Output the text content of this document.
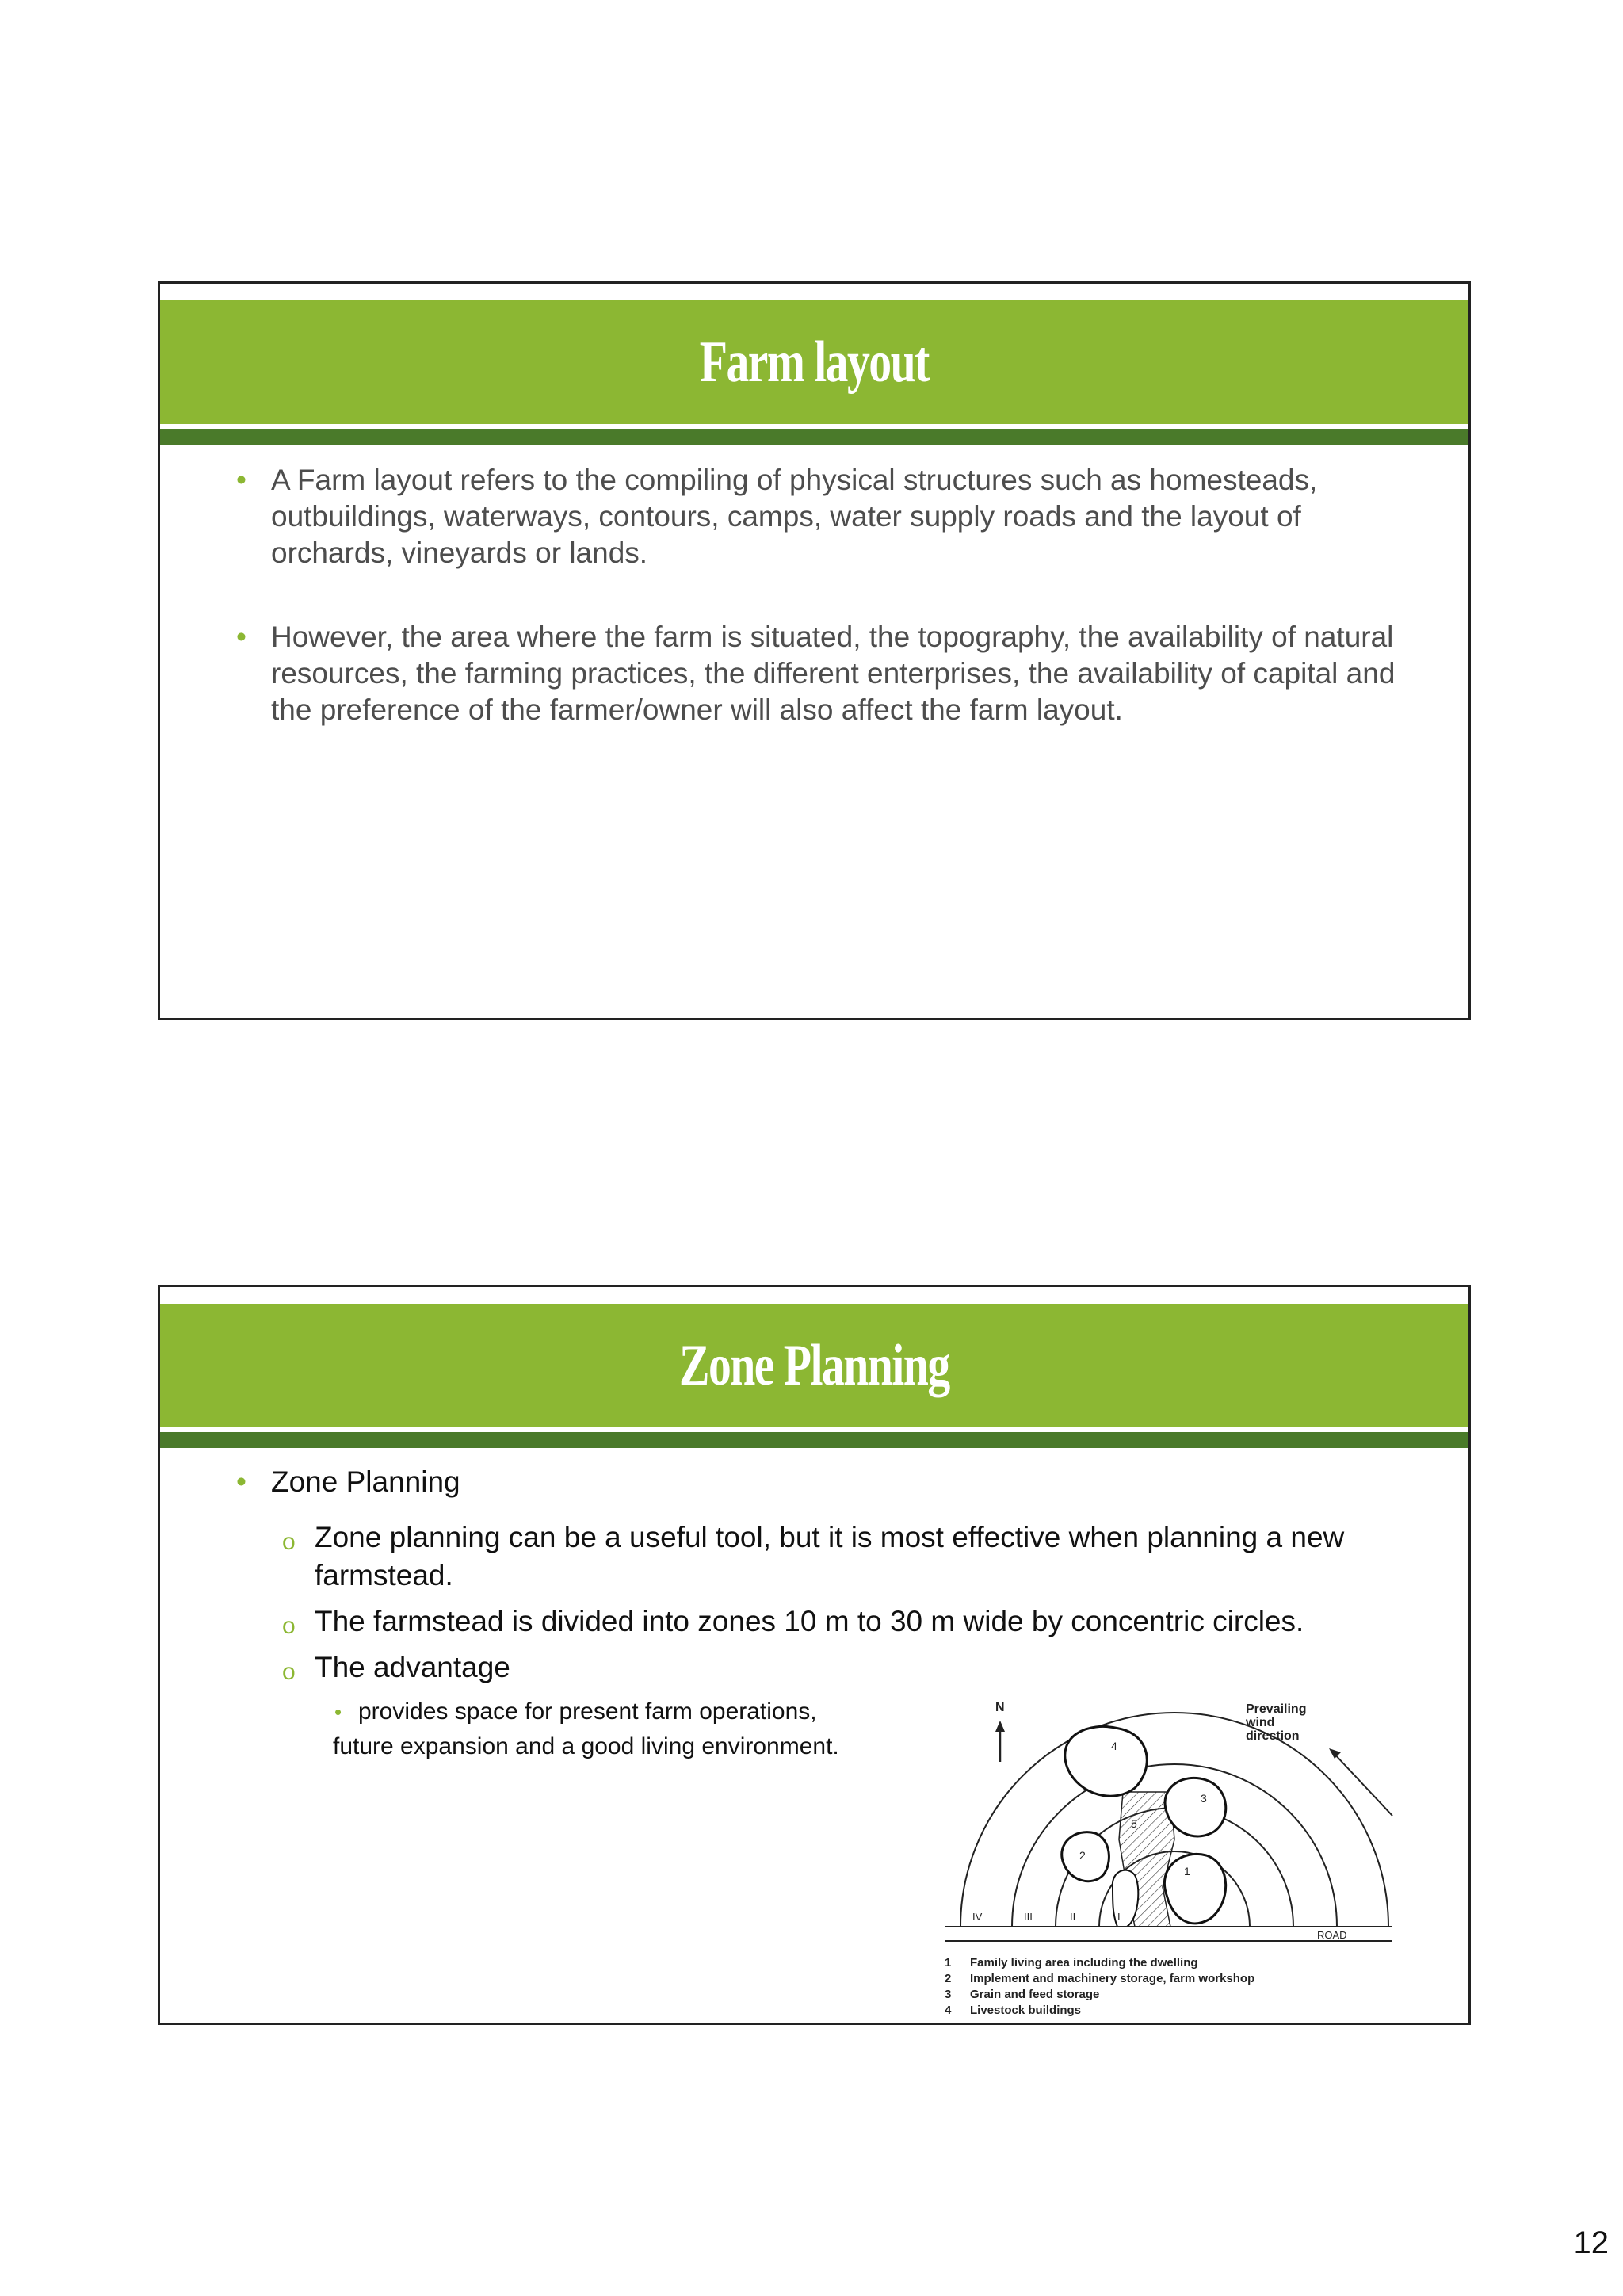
Farm layout
• A Farm layout refers to the compiling of physical structures such as homesteads, outbuildings, waterways, contours, camps, water supply roads and the layout of orchards, vineyards or lands.
• However, the area where the farm is situated, the topography, the availability of natural resources, the farming practices, the different enterprises, the availability of capital and the preference of the farmer/owner will also affect the farm layout.
Zone Planning
• Zone Planning
o Zone planning can be a useful tool, but it is most effective when planning a new farmstead.
o The farmstead is divided into zones 10 m to 30 m wide by concentric circles.
o The advantage
• provides space for present farm operations,
future expansion and a good living environment.
N	Prevailing
wind
direction
4
3
5
2
1
IV	III	II	I
ROAD
1 Family living area including the dwelling
2 Implement and machinery storage, farm workshop
3 Grain and feed storage
4 Livestock buildings
12
